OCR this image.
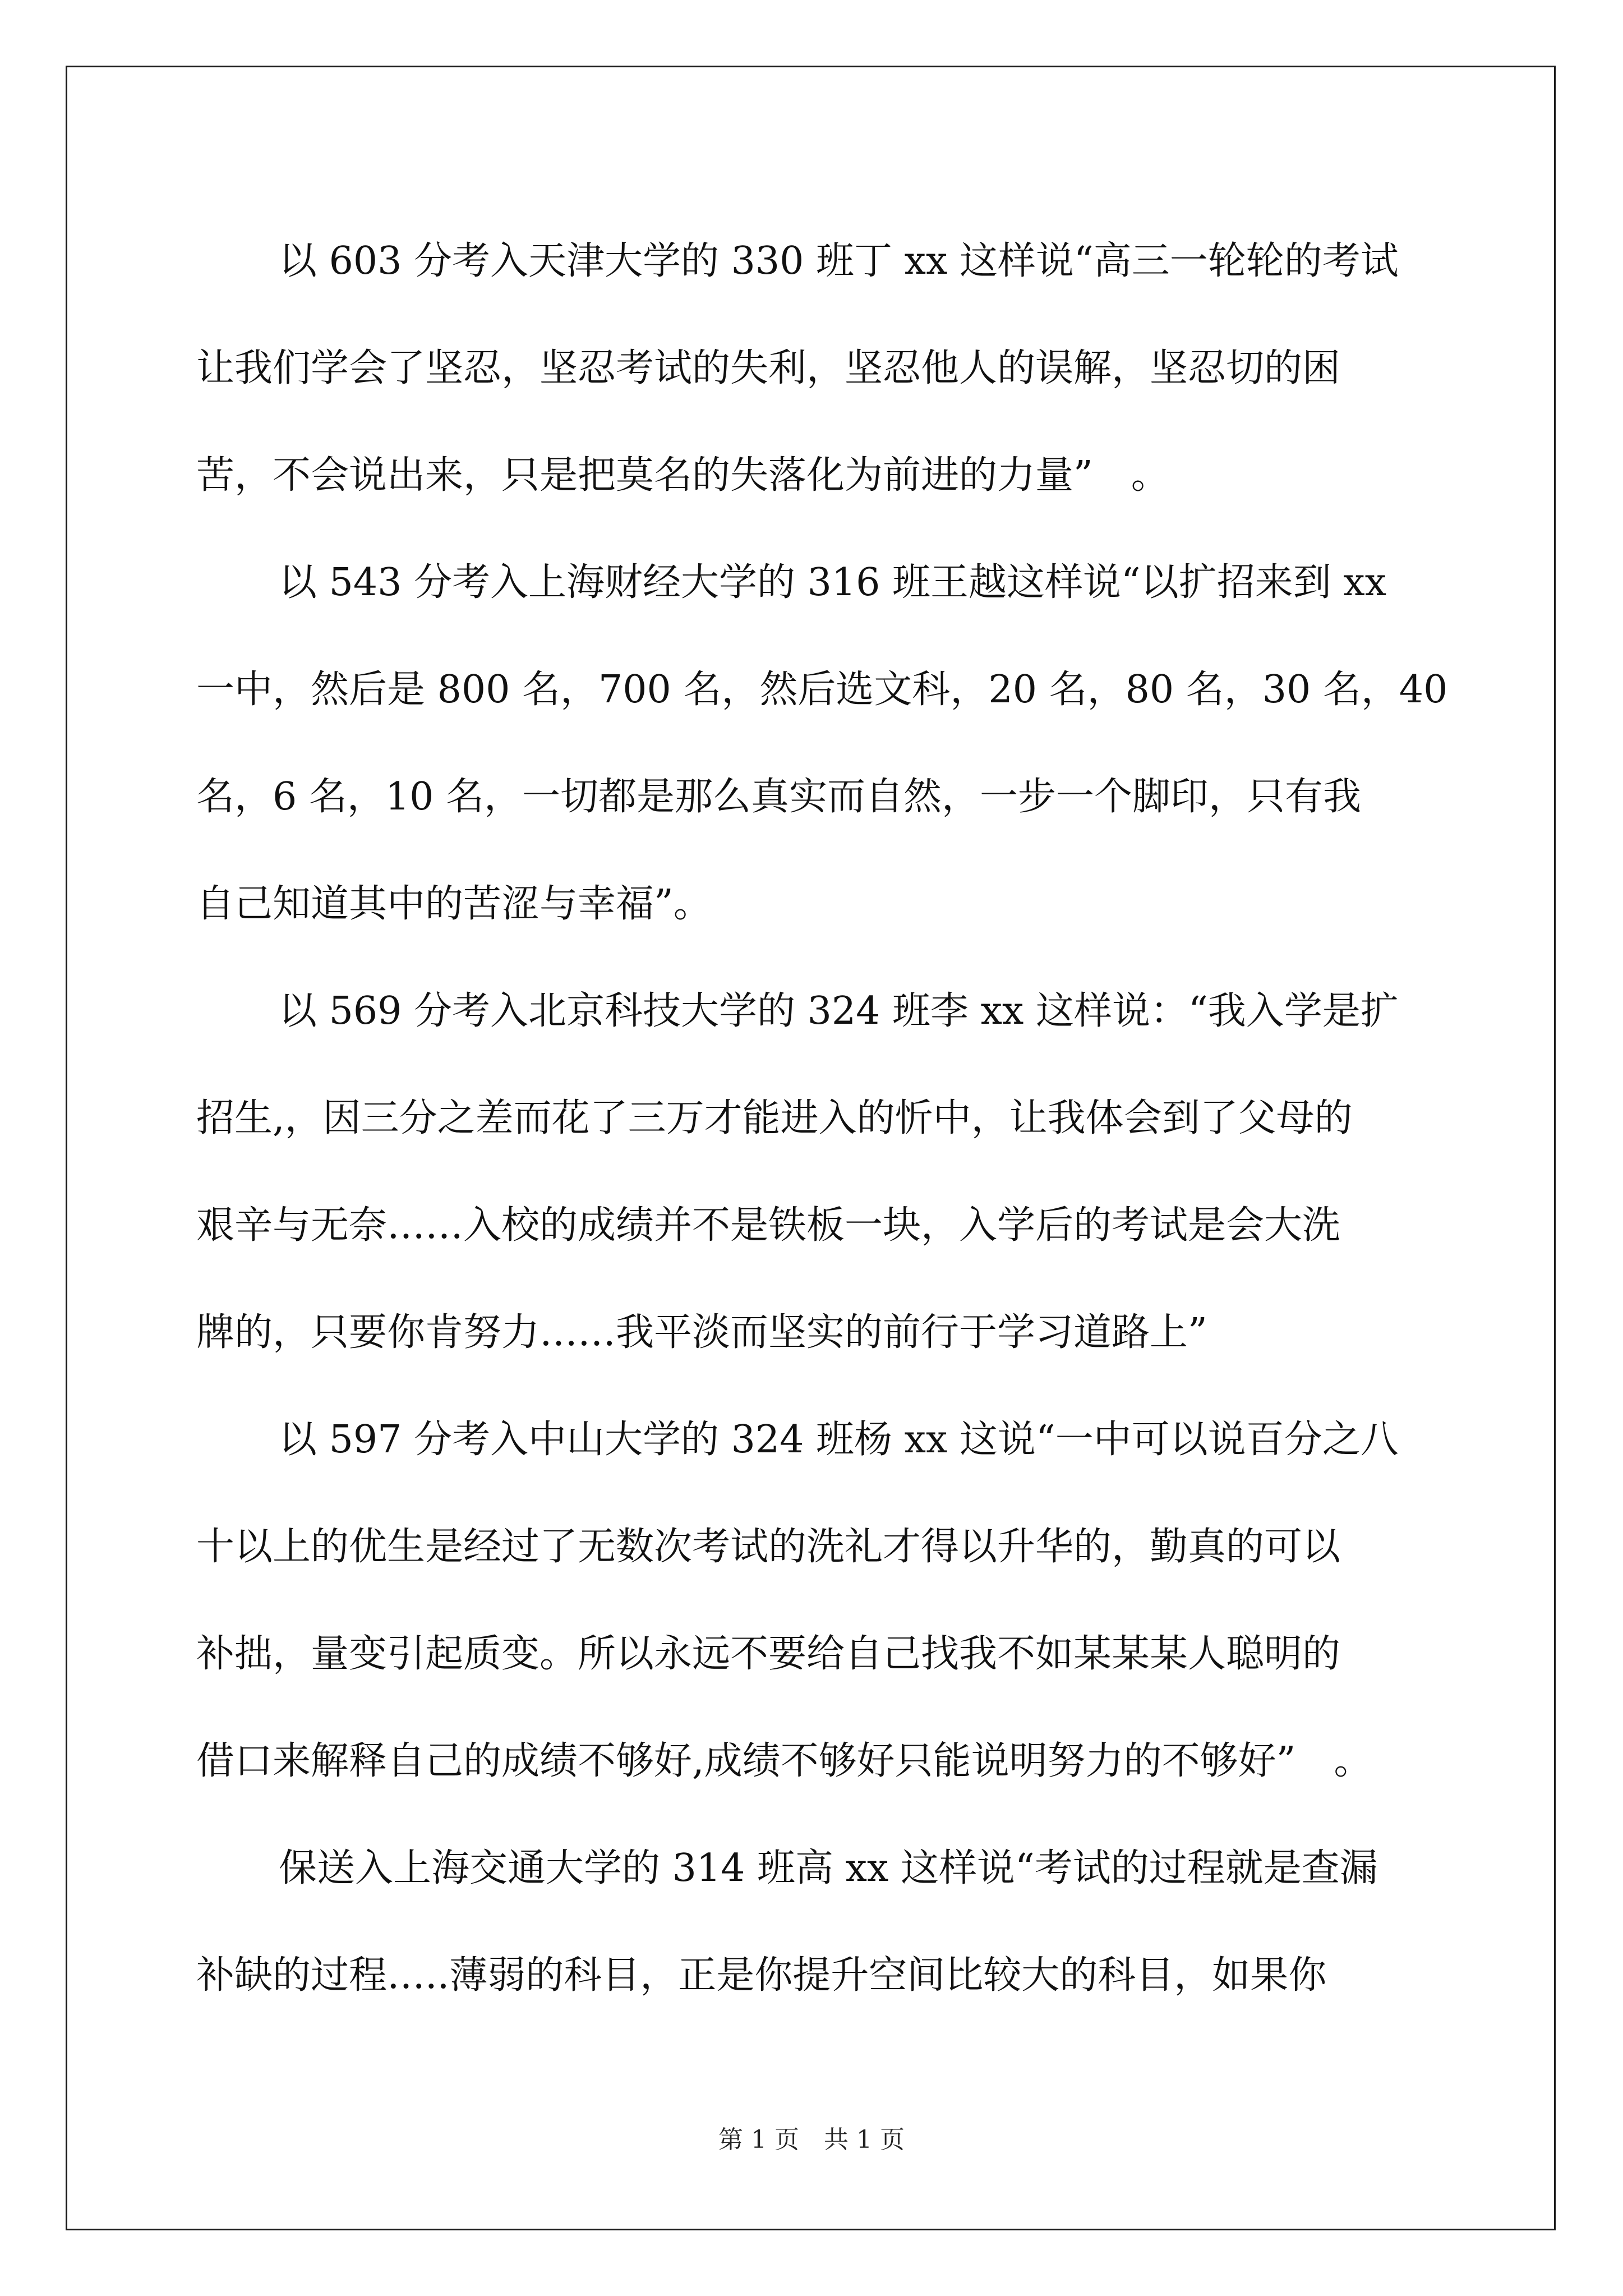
以 603 分考入天津大学的 330 班丁 xx 这样说“高三一轮轮的考试
让我们学会了坚忍，坚忍考试的失利，坚忍他人的误解，坚忍切的困
苦，不会说出来，只是把莫名的失落化为前进的力量”　。
以 543 分考入上海财经大学的 316 班王越这样说“以扩招来到 xx
一中，然后是 800 名，700 名，然后选文科，20 名，80 名，30 名，40
名，6 名，10 名，一切都是那么真实而自然，一步一个脚印，只有我
自己知道其中的苦涩与幸福”。
以 569 分考入北京科技大学的 324 班李 xx 这样说：“我入学是扩
招生,，因三分之差而花了三万才能进入的忻中，让我体会到了父母的
艰辛与无奈……入校的成绩并不是铁板一块，入学后的考试是会大洗
牌的，只要你肯努力……我平淡而坚实的前行于学习道路上”
以 597 分考入中山大学的 324 班杨 xx 这说“一中可以说百分之八
十以上的优生是经过了无数次考试的洗礼才得以升华的，勤真的可以
补拙，量变引起质变。所以永远不要给自己找我不如某某某人聪明的
借口来解释自己的成绩不够好,成绩不够好只能说明努力的不够好”　。
保送入上海交通大学的 314 班高 xx 这样说“考试的过程就是查漏
补缺的过程…..薄弱的科目，正是你提升空间比较大的科目，如果你
第 1 页　共 1 页
